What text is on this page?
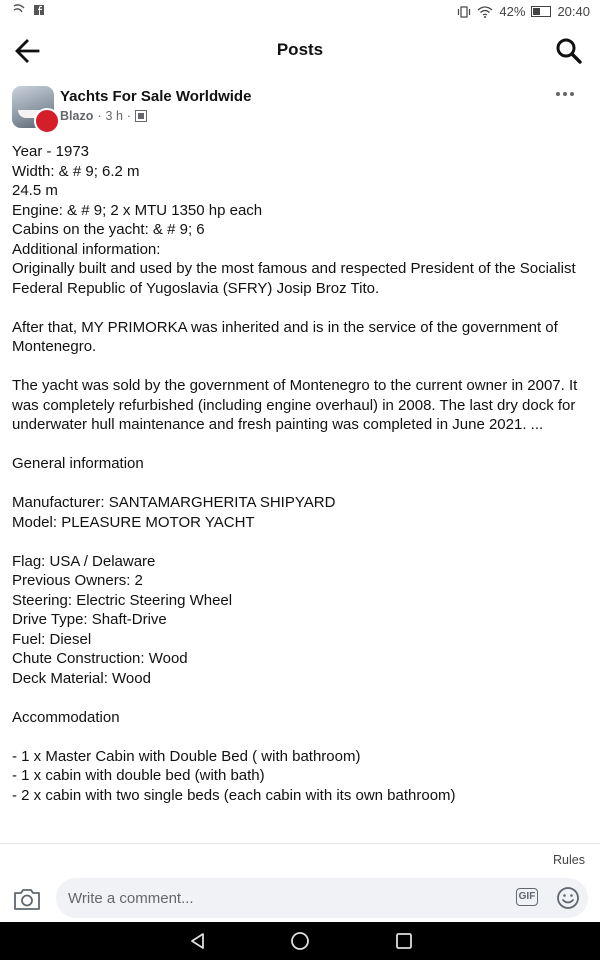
42% 20:40
Posts
Yachts For Sale Worldwide
Blazo · 3 h ·
Year - 1973
Width: & # 9; 6.2 m
24.5 m
Engine: & # 9; 2 x MTU 1350 hp each
Cabins on the yacht: & # 9; 6
Additional information:
Originally built and used by the most famous and respected President of the Socialist Federal Republic of Yugoslavia (SFRY) Josip Broz Tito.
After that, MY PRIMORKA was inherited and is in the service of the government of Montenegro.
The yacht was sold by the government of Montenegro to the current owner in 2007. It was completely refurbished (including engine overhaul) in 2008. The last dry dock for underwater hull maintenance and fresh painting was completed in June 2021. ...
General information
Manufacturer: SANTAMARGHERITA SHIPYARD
Model: PLEASURE MOTOR YACHT
Flag: USA / Delaware
Previous Owners: 2
Steering: Electric Steering Wheel
Drive Type: Shaft-Drive
Fuel: Diesel
Chute Construction: Wood
Deck Material: Wood
Accommodation
- 1 x Master Cabin with Double Bed ( with bathroom)
- 1 x cabin with double bed (with bath)
- 2 x cabin with two single beds (each cabin with its own bathroom)
Rules
Write a comment...
GIF
